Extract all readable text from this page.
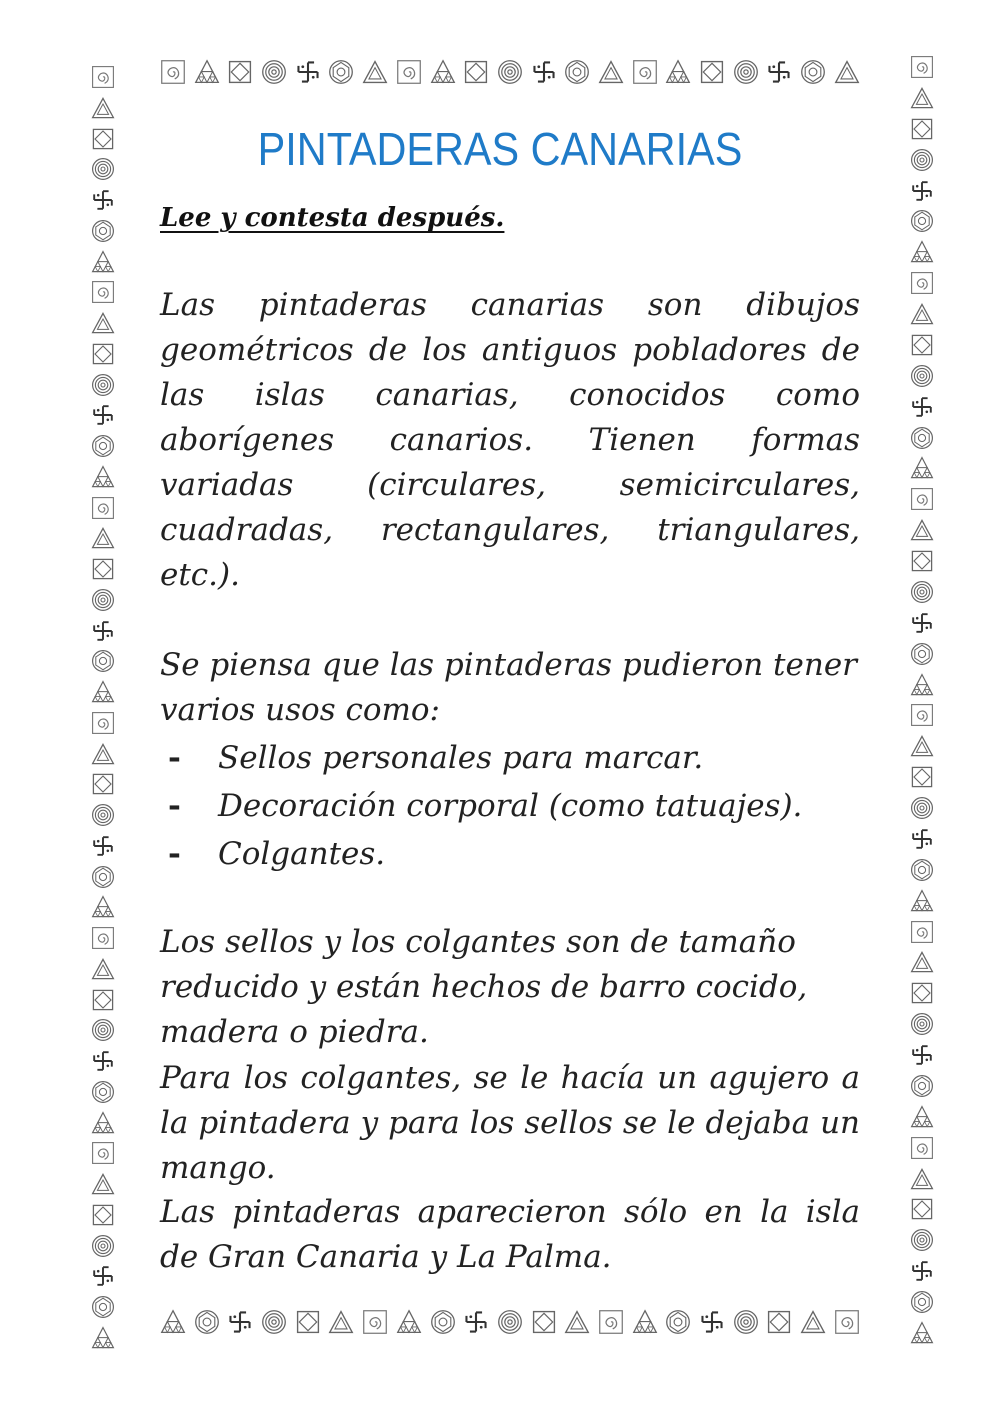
PINTADERAS CANARIAS

Lee y contesta después.

Las pintaderas canarias son dibujos geométricos de los antiguos pobladores de las islas canarias, conocidos como aborígenes canarios. Tienen formas variadas (circulares, semicirculares, cuadradas, rectangulares, triangulares, etc.).

Se piensa que las pintaderas pudieron tener varios usos como:

-	Sellos personales para marcar.
-	Decoración corporal (como tatuajes).
-	Colgantes.

Los sellos y los colgantes son de tamaño reducido y están hechos de barro cocido, madera o piedra.

Para los colgantes, se le hacía un agujero a la pintadera y para los sellos se le dejaba un mango.

Las pintaderas aparecieron sólo en la isla de Gran Canaria y La Palma.
